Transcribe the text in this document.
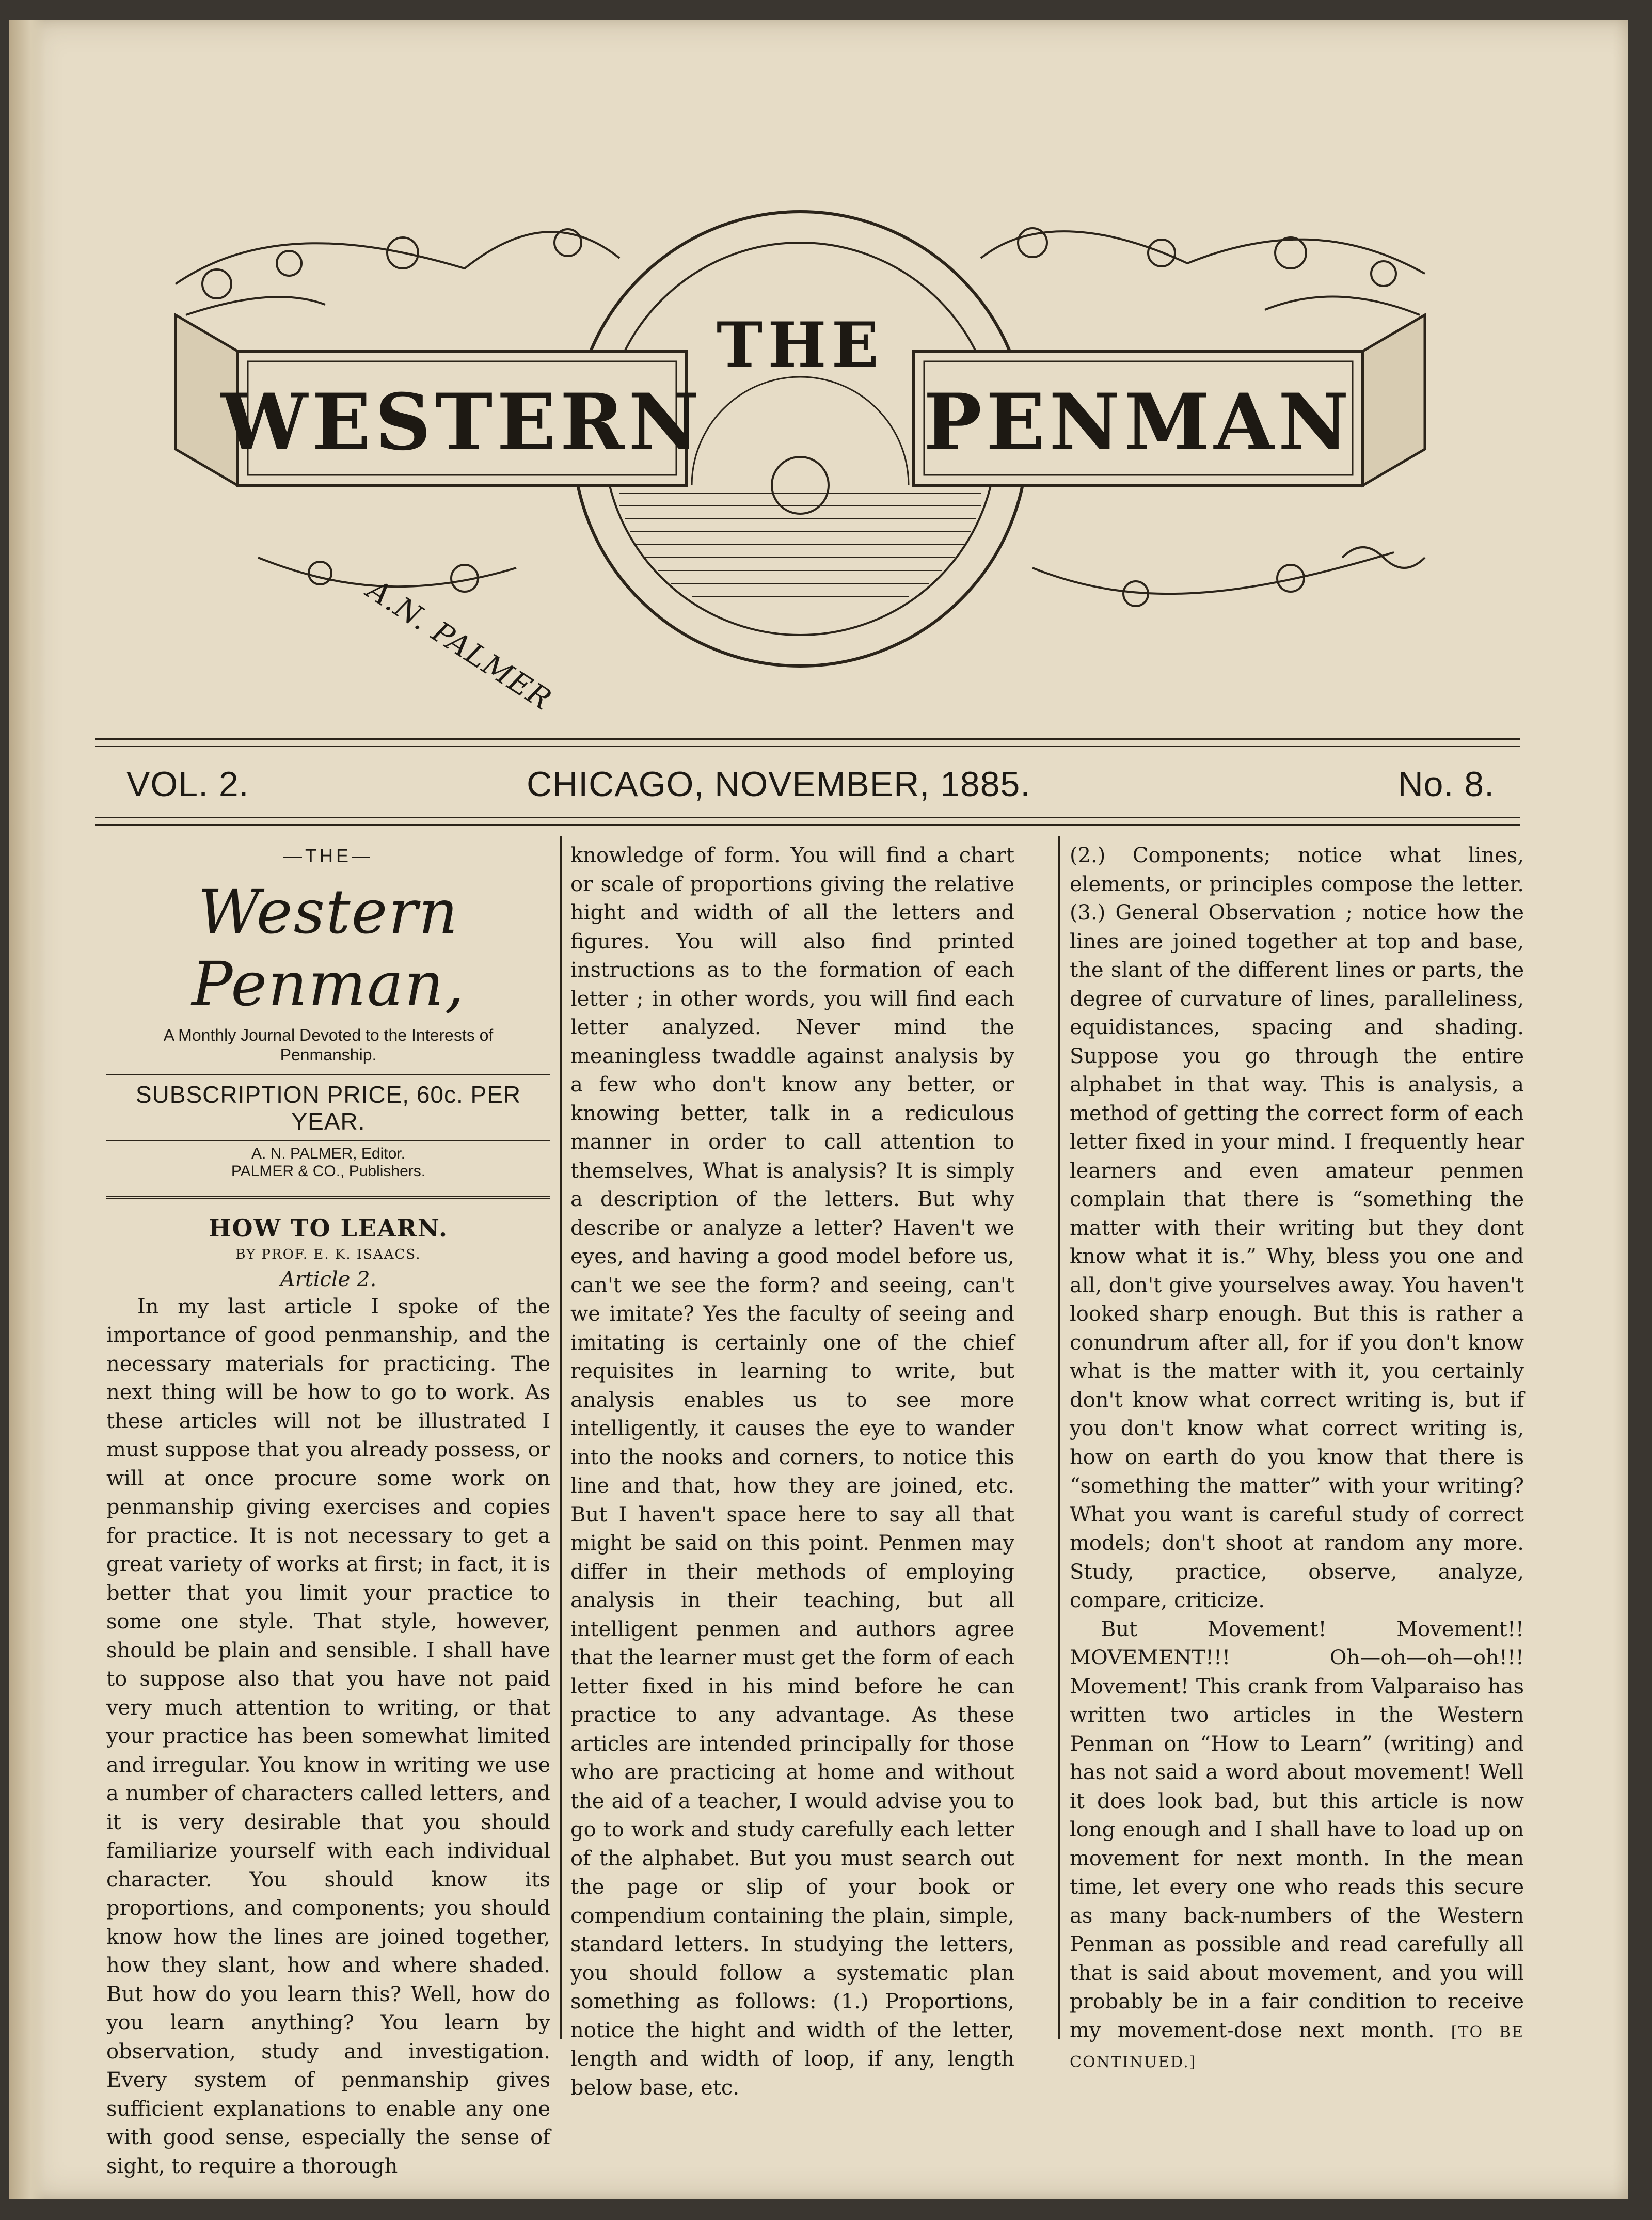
WESTERN
THE
PENMAN
A.N. PALMER
VOL. 2.	CHICAGO, NOVEMBER, 1885.	No. 8.
—THE—
Western Penman,
A Monthly Journal Devoted to the Interests of Penmanship.
SUBSCRIPTION PRICE, 60c. PER YEAR.
A. N. PALMER, Editor.
PALMER & CO., Publishers.
HOW TO LEARN.
BY PROF. E. K. ISAACS.
Article 2.

In my last article I spoke of the importance of good penmanship, and the necessary materials for practicing. The next thing will be how to go to work. As these articles will not be illustrated I must suppose that you already possess, or will at once procure some work on penmanship giving exercises and copies for practice. It is not necessary to get a great variety of works at first; in fact, it is better that you limit your practice to some one style. That style, however, should be plain and sensible. I shall have to suppose also that you have not paid very much attention to writing, or that your practice has been somewhat limited and irregular. You know in writing we use a number of characters called letters, and it is very desirable that you should familiarize yourself with each individual character. You should know its proportions, and components; you should know how the lines are joined together, how they slant, how and where shaded. But how do you learn this? Well, how do you learn anything? You learn by observation, study and investigation. Every system of penmanship gives sufficient explanations to enable any one with good sense, especially the sense of sight, to require a thorough

knowledge of form. You will find a chart or scale of proportions giving the relative hight and width of all the letters and figures. You will also find printed instructions as to the formation of each letter ; in other words, you will find each letter analyzed. Never mind the meaningless twaddle against analysis by a few who don't know any better, or knowing better, talk in a rediculous manner in order to call attention to themselves, What is analysis? It is simply a description of the letters. But why describe or analyze a letter? Haven't we eyes, and having a good model before us, can't we see the form? and seeing, can't we imitate? Yes the faculty of seeing and imitating is certainly one of the chief requisites in learning to write, but analysis enables us to see more intelligently, it causes the eye to wander into the nooks and corners, to notice this line and that, how they are joined, etc. But I haven't space here to say all that might be said on this point. Penmen may differ in their methods of employing analysis in their teaching, but all intelligent penmen and authors agree that the learner must get the form of each letter fixed in his mind before he can practice to any advantage. As these articles are intended principally for those who are practicing at home and without the aid of a teacher, I would advise you to go to work and study carefully each letter of the alphabet. But you must search out the page or slip of your book or compendium containing the plain, simple, standard letters. In studying the letters, you should follow a systematic plan something as follows: (1.) Proportions, notice the hight and width of the letter, length and width of loop, if any, length below base, etc.

(2.) Components; notice what lines, elements, or principles compose the letter. (3.) General Observation ; notice how the lines are joined together at top and base, the slant of the different lines or parts, the degree of curvature of lines, paralleliness, equidistances, spacing and shading. Suppose you go through the entire alphabet in that way. This is analysis, a method of getting the correct form of each letter fixed in your mind. I frequently hear learners and even amateur penmen complain that there is “something the matter with their writing but they dont know what it is.” Why, bless you one and all, don't give yourselves away. You haven't looked sharp enough. But this is rather a conundrum after all, for if you don't know what is the matter with it, you certainly don't know what correct writing is, but if you don't know what correct writing is, how on earth do you know that there is “something the matter” with your writing? What you want is careful study of correct models; don't shoot at random any more. Study, practice, observe, analyze, compare, criticize.

But Movement! Movement!! MOVEMENT!!! Oh—oh—oh—oh!!! Movement! This crank from Valparaiso has written two articles in the Western Penman on “How to Learn” (writing) and has not said a word about movement! Well it does look bad, but this article is now long enough and I shall have to load up on movement for next month. In the mean time, let every one who reads this secure as many back-numbers of the Western Penman as possible and read carefully all that is said about movement, and you will probably be in a fair condition to receive my movement-dose next month. [TO BE CONTINUED.]
